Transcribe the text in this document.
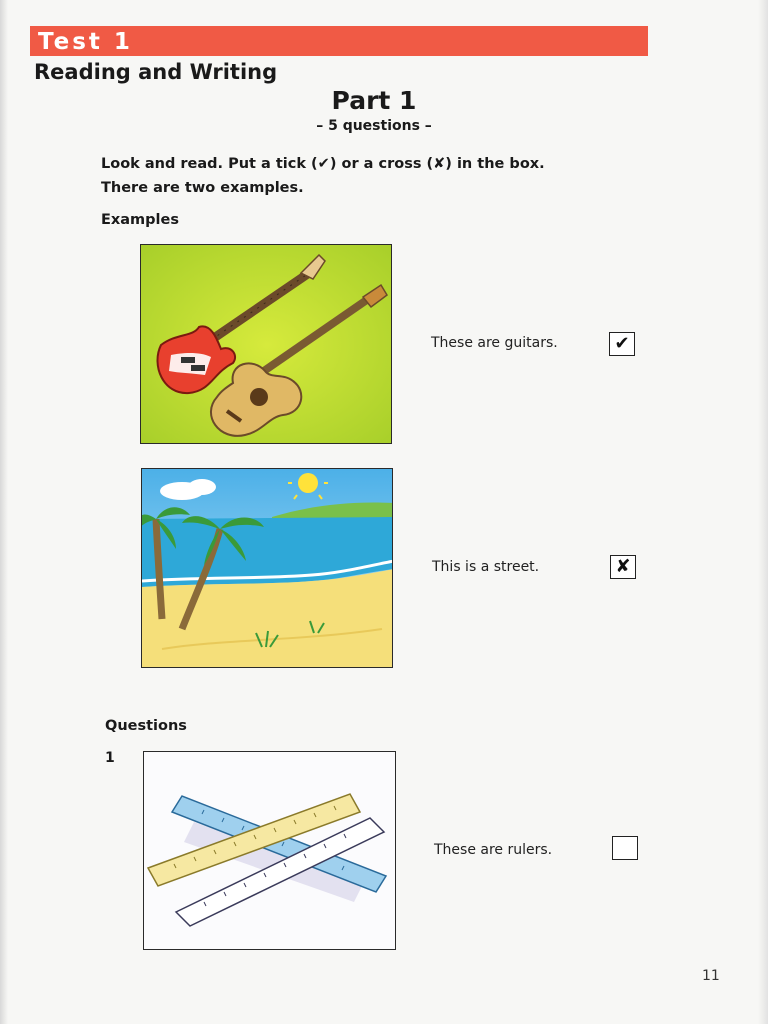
Test 1
Reading and Writing
Part 1
– 5 questions –
Look and read. Put a tick (✔) or a cross (✘) in the box.
There are two examples.
Examples
These are guitars.	✔
This is a street.	✘
Questions
1
These are rulers.
11
